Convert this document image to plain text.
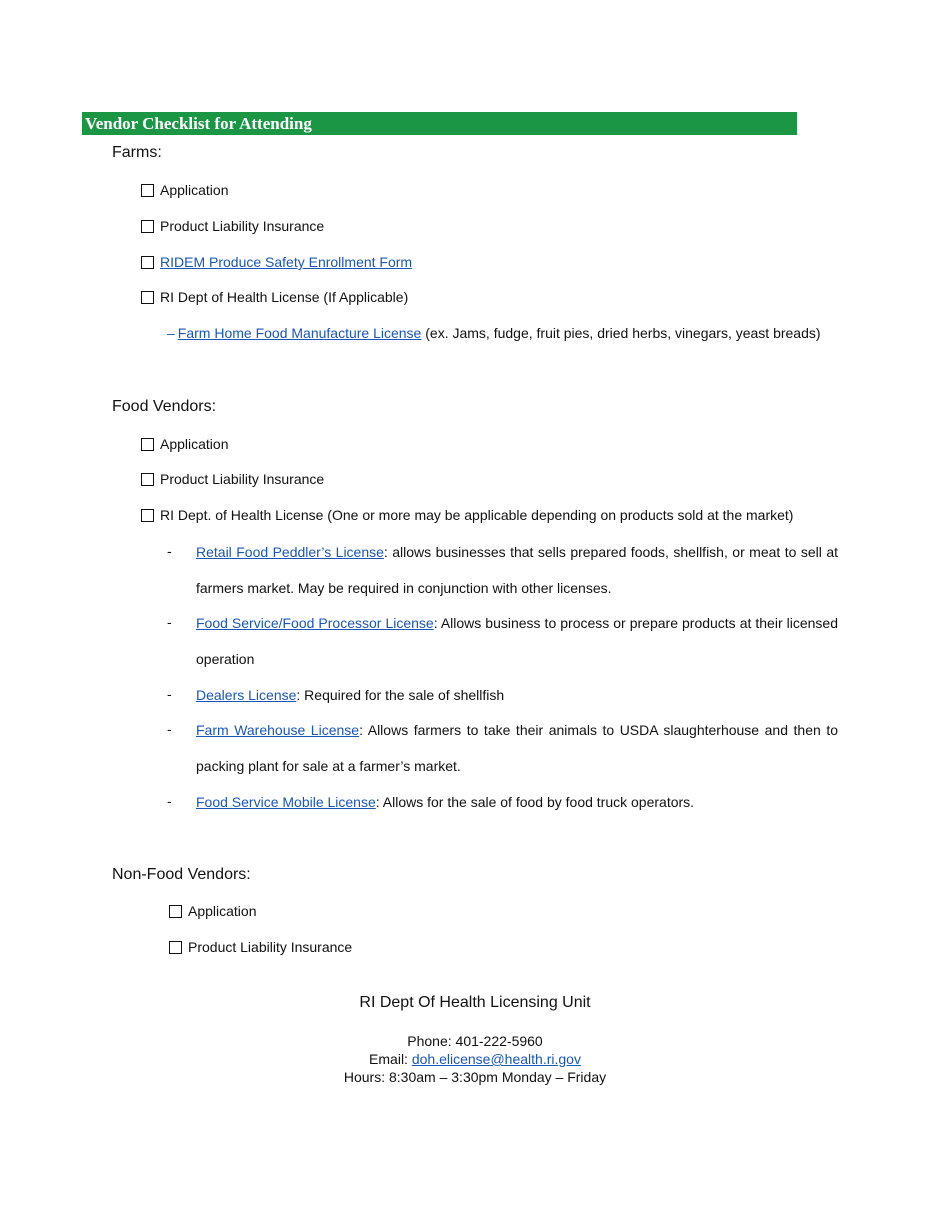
Vendor Checklist for Attending
Farms:
Application
Product Liability Insurance
RIDEM Produce Safety Enrollment Form
RI Dept of Health License (If Applicable)
– Farm Home Food Manufacture License (ex. Jams, fudge, fruit pies, dried herbs, vinegars, yeast breads)
Food Vendors:
Application
Product Liability Insurance
RI Dept. of Health License (One or more may be applicable depending on products sold at the market)
- Retail Food Peddler’s License: allows businesses that sells prepared foods, shellfish, or meat to sell at farmers market. May be required in conjunction with other licenses.
- Food Service/Food Processor License: Allows business to process or prepare products at their licensed operation
- Dealers License: Required for the sale of shellfish
- Farm Warehouse License: Allows farmers to take their animals to USDA slaughterhouse and then to packing plant for sale at a farmer’s market.
- Food Service Mobile License: Allows for the sale of food by food truck operators.
Non-Food Vendors:
Application
Product Liability Insurance
RI Dept Of Health Licensing Unit
Phone: 401-222-5960
Email: doh.elicense@health.ri.gov
Hours: 8:30am – 3:30pm Monday – Friday
